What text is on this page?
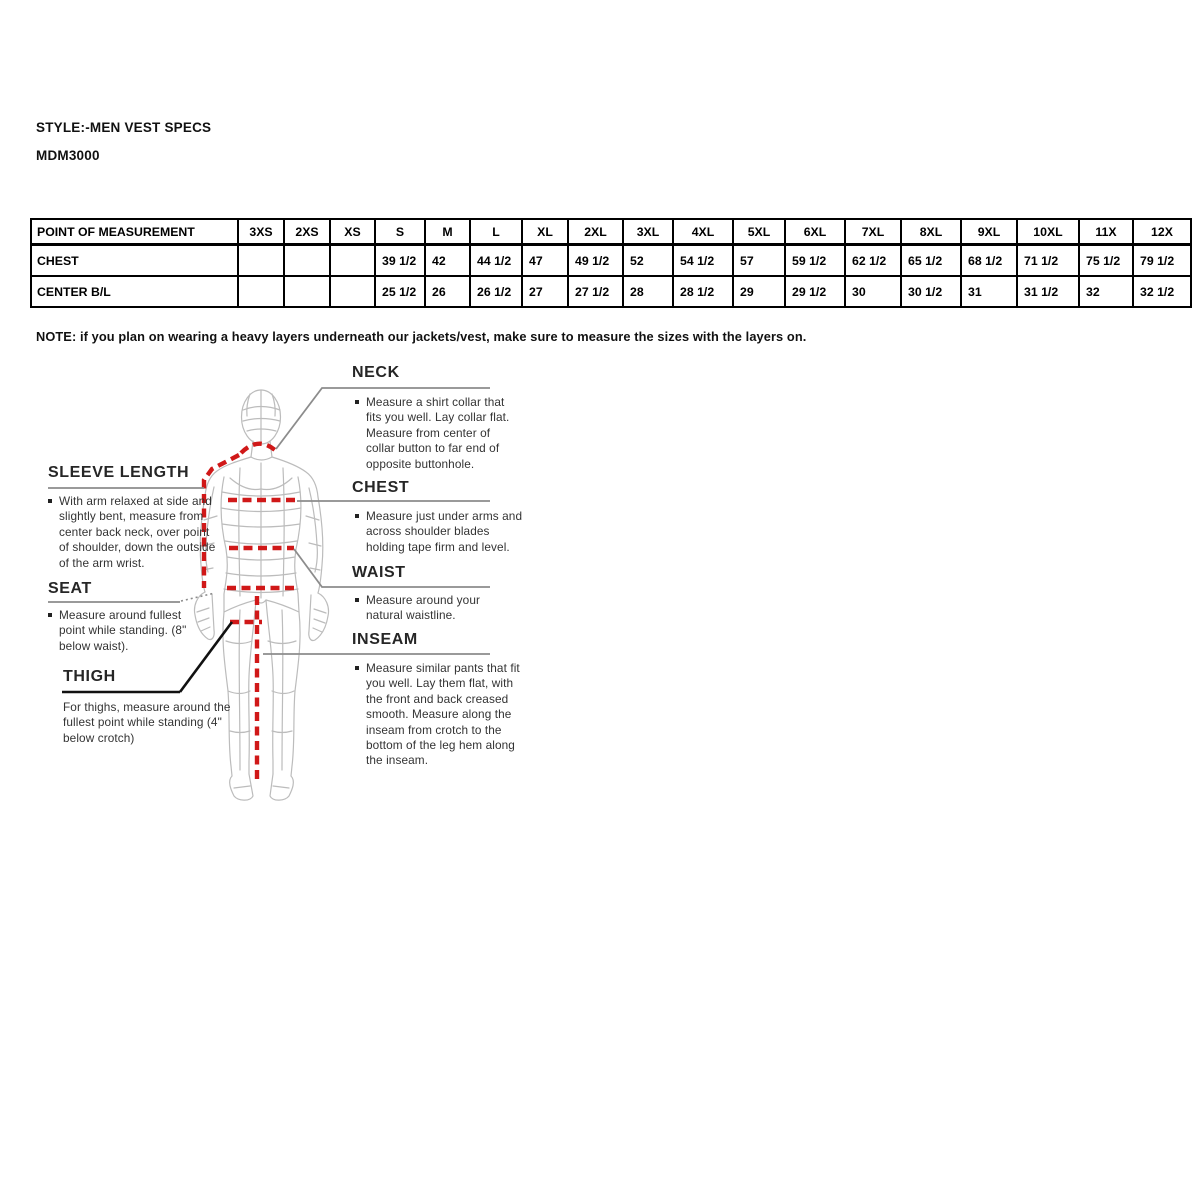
STYLE:-MEN VEST SPECS
MDM3000
POINT OF MEASUREMENT	3XS	2XS	XS	S	M	L	XL	2XL	3XL	4XL	5XL	6XL	7XL	8XL	9XL	10XL	11X	12X
CHEST				39 1/2	42	44 1/2	47	49 1/2	52	54 1/2	57	59 1/2	62 1/2	65 1/2	68 1/2	71 1/2	75 1/2	79 1/2
CENTER B/L				25 1/2	26	26 1/2	27	27 1/2	28	28 1/2	29	29 1/2	30	30 1/2	31	31 1/2	32	32 1/2
NOTE: if you plan on wearing a heavy layers underneath our jackets/vest, make sure to measure the sizes with the layers on.
SLEEVE LENGTH
With arm relaxed at side and slightly bent, measure from center back neck, over point of shoulder, down the outside of the arm wrist.
SEAT
Measure around fullest point while standing. (8" below waist).
THIGH
For thighs, measure around the fullest point while standing (4" below crotch)
NECK
Measure a shirt collar that fits you well. Lay collar flat. Measure from center of collar button to far end of opposite buttonhole.
CHEST
Measure just under arms and across shoulder blades holding tape firm and level.
WAIST
Measure around your natural waistline.
INSEAM
Measure similar pants that fit you well. Lay them flat, with the front and back creased smooth. Measure along the inseam from crotch to the bottom of the leg hem along the inseam.
